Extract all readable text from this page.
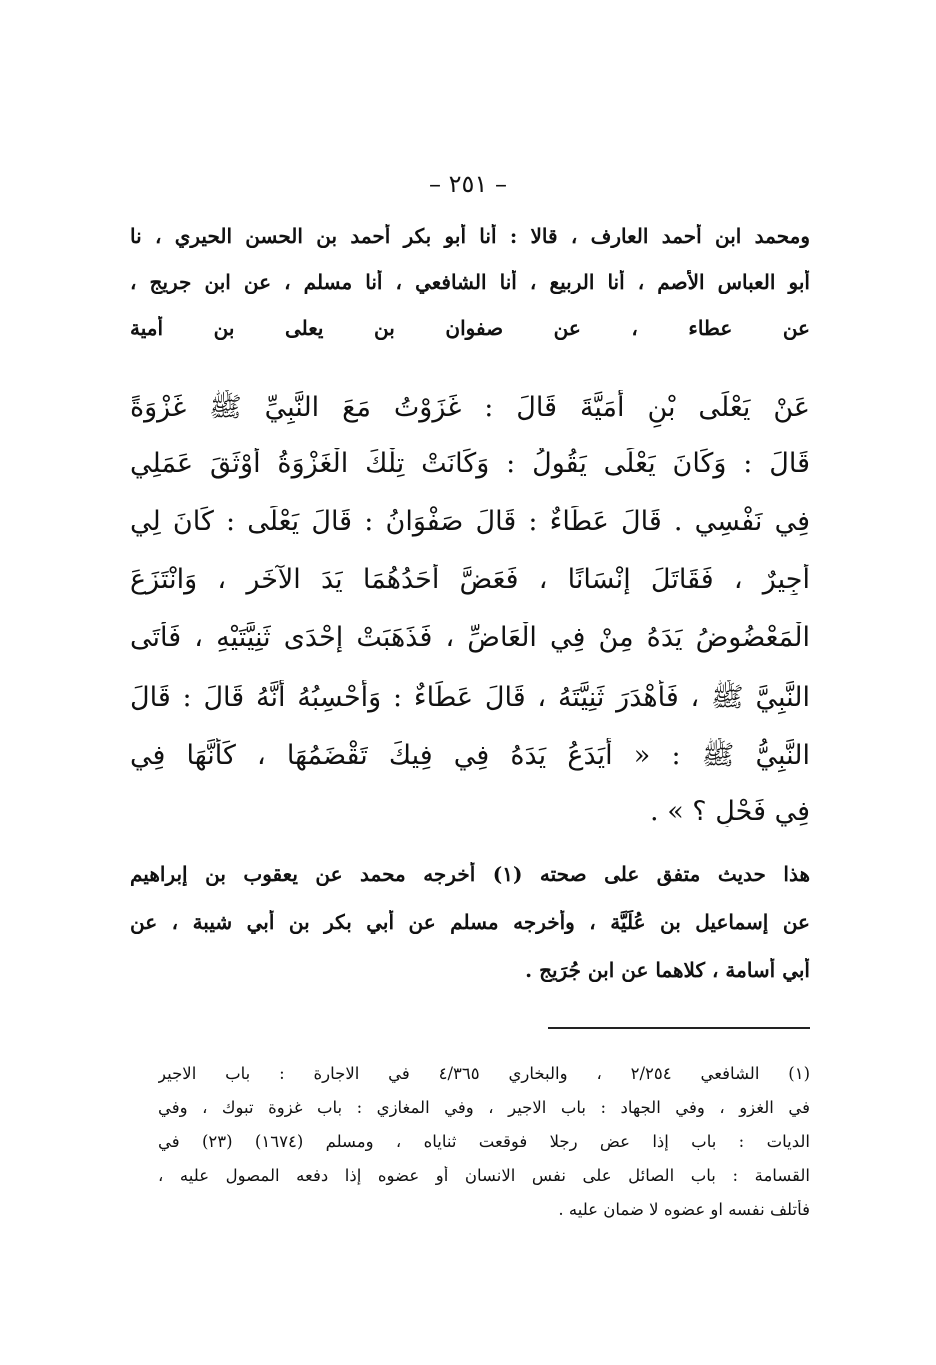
– ٢٥١ –
ومحمد ابن أحمد العارف ، قالا : أنا أبو بكر أحمد بن الحسن الحيري ، نا
أبو العباس الأصم ، أنا الربيع ، أنا الشافعي ، أنا مسلم ، عن ابن جريج ،
عن عطاء ، عن صفوان بن يعلى بن أمية
عَنْ يَعْلَى بْنِ أُمَيَّةَ قَالَ : غَزَوْتُ مَعَ النَّبِيِّ ﷺ غَزْوَةً
قَالَ : وَكَانَ يَعْلَى يَقُولُ : وَكَانَتْ تِلْكَ الْغَزْوَةُ أَوْثَقَ عَمَلِي
فِي نَفْسِي . قَالَ عَطَاءٌ : قَالَ صَفْوَانُ : قَالَ يَعْلَى : كَانَ لِي
أَجِيرٌ ، فَقَاتَلَ إِنْسَانًا ، فَعَضَّ أَحَدُهُمَا يَدَ الآخَرِ ، وَانْتَزَعَ
الْمَعْضُوضُ يَدَهُ مِنْ فِي الْعَاضِّ ، فَذَهَبَتْ إِحْدَى ثَنِيَّتَيْهِ ، فَأَتَى
النَّبِيَّ ﷺ ، فَأَهْدَرَ ثَنِيَّتَهُ ، قَالَ عَطَاءٌ : وَأَحْسِبُهُ أَنَّهُ قَالَ : قَالَ
النَّبِيُّ ﷺ : « أَيَدَعُ يَدَهُ فِي فِيكَ تَقْضَمُهَا ، كَأَنَّهَا فِي
فِي فَحْلٍ ؟ » .
هذا حديث متفق على صحته (١) أخرجه محمد عن يعقوب بن إبراهيم
عن إسماعيل بن عُلَيَّة ، وأخرجه مسلم عن أبي بكر بن أبي شيبة ، عن
أبي أسامة ، كلاهما عن ابن جُرَيج .
(١) الشافعي ٢/٢٥٤ ، والبخاري ٤/٣٦٥ في الاجارة : باب الاجير
في الغزو ، وفي الجهاد : باب الاجير ، وفي المغازي : باب غزوة تبوك ، وفي
الديات : باب إذا عض رجلا فوقعت ثناياه ، ومسلم (١٦٧٤) (٢٣) في
القسامة : باب الصائل على نفس الانسان أو عضوه إذا دفعه المصول عليه ،
فأتلف نفسه او عضوه لا ضمان عليه .
